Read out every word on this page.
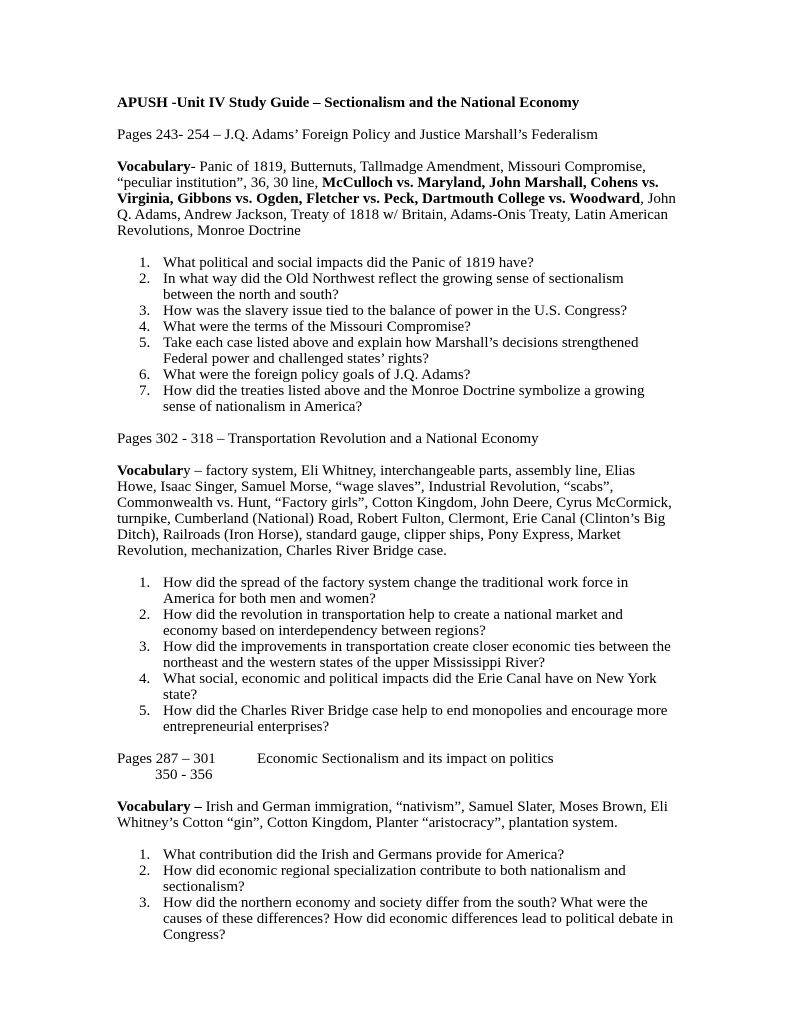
APUSH -Unit IV Study Guide – Sectionalism and the National Economy
Pages 243- 254 – J.Q. Adams’ Foreign Policy and Justice Marshall’s Federalism
Vocabulary- Panic of 1819, Butternuts, Tallmadge Amendment, Missouri Compromise, “peculiar institution”, 36, 30 line, McCulloch vs. Maryland, John Marshall, Cohens vs. Virginia, Gibbons vs. Ogden, Fletcher vs. Peck, Dartmouth College vs. Woodward, John Q. Adams, Andrew Jackson, Treaty of 1818 w/ Britain, Adams-Onis Treaty, Latin American Revolutions, Monroe Doctrine
1. What political and social impacts did the Panic of 1819 have?
2. In what way did the Old Northwest reflect the growing sense of sectionalism between the north and south?
3. How was the slavery issue tied to the balance of power in the U.S. Congress?
4. What were the terms of the Missouri Compromise?
5. Take each case listed above and explain how Marshall’s decisions strengthened Federal power and challenged states’ rights?
6. What were the foreign policy goals of J.Q. Adams?
7. How did the treaties listed above and the Monroe Doctrine symbolize a growing sense of nationalism in America?
Pages 302 - 318 – Transportation Revolution and a National Economy
Vocabulary – factory system, Eli Whitney, interchangeable parts, assembly line, Elias Howe, Isaac Singer, Samuel Morse, “wage slaves”, Industrial Revolution, “scabs”, Commonwealth vs. Hunt, “Factory girls”, Cotton Kingdom, John Deere, Cyrus McCormick, turnpike, Cumberland (National) Road, Robert Fulton, Clermont, Erie Canal (Clinton’s Big Ditch), Railroads (Iron Horse), standard gauge, clipper ships, Pony Express, Market Revolution, mechanization, Charles River Bridge case.
1. How did the spread of the factory system change the traditional work force in America for both men and women?
2. How did the revolution in transportation help to create a national market and economy based on interdependency between regions?
3. How did the improvements in transportation create closer economic ties between the northeast and the western states of the upper Mississippi River?
4. What social, economic and political impacts did the Erie Canal have on New York state?
5. How did the Charles River Bridge case help to end monopolies and encourage more entrepreneurial enterprises?
Pages 287 – 301
350 - 356
Economic Sectionalism and its impact on politics
Vocabulary – Irish and German immigration, “nativism”, Samuel Slater, Moses Brown, Eli Whitney’s Cotton “gin”, Cotton Kingdom, Planter “aristocracy”, plantation system.
1. What contribution did the Irish and Germans provide for America?
2. How did economic regional specialization contribute to both nationalism and sectionalism?
3. How did the northern economy and society differ from the south? What were the causes of these differences? How did economic differences lead to political debate in Congress?
